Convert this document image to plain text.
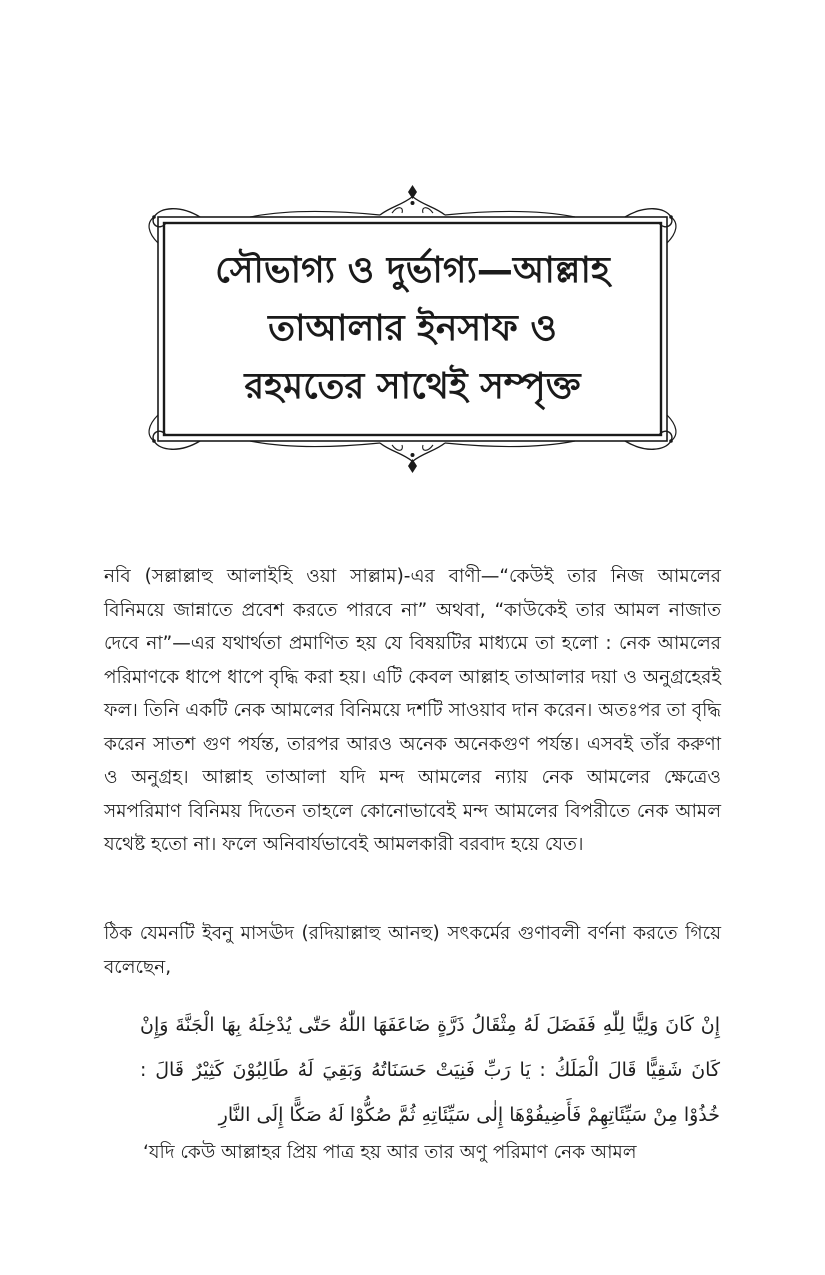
সৌভাগ্য ও দুর্ভাগ্য—আল্লাহ
তাআলার ইনসাফ ও
রহমতের সাথেই সম্পৃক্ত

নবি (সল্লাল্লাহু আলাইহি ওয়া সাল্লাম)-এর বাণী—“কেউই তার নিজ আমলের বিনিময়ে জান্নাতে প্রবেশ করতে পারবে না” অথবা, “কাউকেই তার আমল নাজাত দেবে না”—এর যথার্থতা প্রমাণিত হয় যে বিষয়টির মাধ্যমে তা হলো : নেক আমলের পরিমাণকে ধাপে ধাপে বৃদ্ধি করা হয়। এটি কেবল আল্লাহ তাআলার দয়া ও অনুগ্রহেরই ফল। তিনি একটি নেক আমলের বিনিময়ে দশটি সাওয়াব দান করেন। অতঃপর তা বৃদ্ধি করেন সাতশ গুণ পর্যন্ত, তারপর আরও অনেক অনেকগুণ পর্যন্ত। এসবই তাঁর করুণা ও অনুগ্রহ। আল্লাহ তাআলা যদি মন্দ আমলের ন্যায় নেক আমলের ক্ষেত্রেও সমপরিমাণ বিনিময় দিতেন তাহলে কোনোভাবেই মন্দ আমলের বিপরীতে নেক আমল যথেষ্ট হতো না। ফলে অনিবার্যভাবেই আমলকারী বরবাদ হয়ে যেত।

ঠিক যেমনটি ইবনু মাসঊদ (রদিয়াল্লাহু আনহু) সৎকর্মের গুণাবলী বর্ণনা করতে গিয়ে বলেছেন,

إِنْ كَانَ وَلِيًّا لِلّٰهِ فَفَضَلَ لَهُ مِثْقَالُ ذَرَّةٍ ضَاعَفَهَا اللّٰهُ حَتّٰى يُدْخِلَهُ بِهَا الْجَنَّةَ وَإِنْ كَانَ شَقِيًّا قَالَ الْمَلَكُ : يَا رَبِّ فَنِيَتْ حَسَنَاتُهُ وَبَقِيَ لَهُ طَالِبُوْنَ كَثِيْرٌ قَالَ : خُذُوْا مِنْ سَيِّئَاتِهِمْ فَأَضِيفُوْهَا إِلٰى سَيِّئَاتِهِ ثُمَّ صُكُّوْا لَهُ صَكًّا إِلَى النَّارِ

‘যদি কেউ আল্লাহর প্রিয় পাত্র হয় আর তার অণু পরিমাণ নেক আমল
